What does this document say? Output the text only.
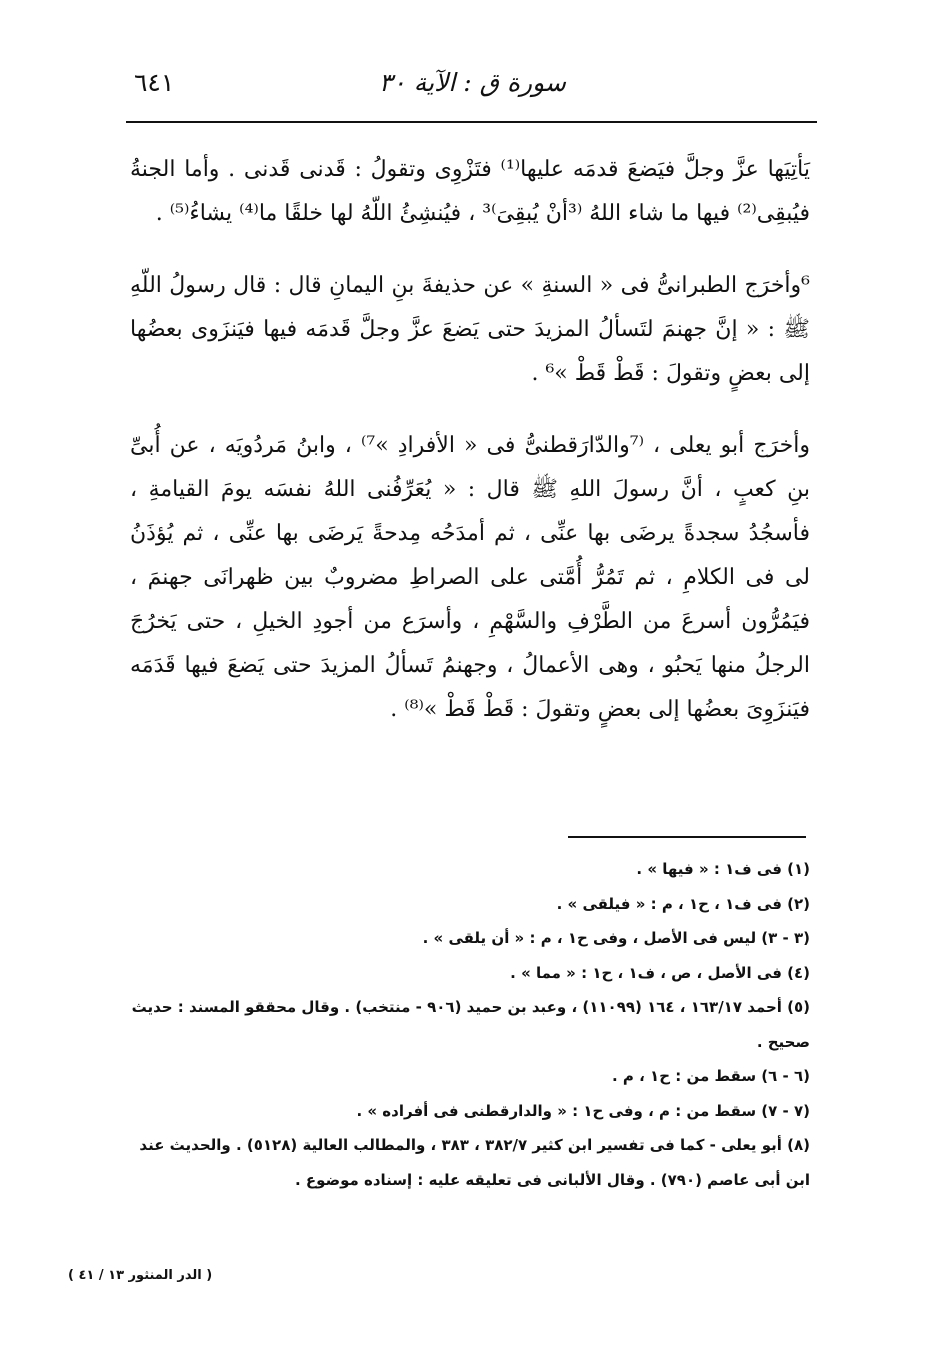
٦٤١	سورة ق : الآية ٣٠

يَأتِيَها عزَّ وجلَّ فيَضعَ قدمَه عليها⁽¹⁾ فتَزْوِى وتقولُ : قَدنى قَدنى . وأما الجنةُ فيُبقِى⁽²⁾ فيها ما شاء اللهُ ⁽³أنْ يُبقِىَ⁾³ ، فيُنشِئُ اللّهُ لها خلقًا ما⁽⁴⁾ يشاءُ⁽⁵⁾ .

⁶وأخرَج الطبرانىُّ فى « السنةِ » عن حذيفةَ بنِ اليمانِ قال : قال رسولُ اللّهِ ﷺ : « إنَّ جهنمَ لتَسألُ المزيدَ حتى يَضعَ عزَّ وجلَّ قَدمَه فيها فيَنزَوى بعضُها إلى بعضٍ وتقولَ : قَطْ قَطْ »⁶ .

وأخرَج أبو يعلى ، ⁽⁷والدّارَقطنىُّ فى « الأفرادِ »⁷⁾ ، وابنُ مَردُويَه ، عن أُبىِّ بنِ كعبٍ ، أنَّ رسولَ اللهِ ﷺ قال : « يُعَرِّفُنى اللهُ نفسَه يومَ القيامةِ ، فأسجُدُ سجدةً يرضَى بها عنِّى ، ثم أمدَحُه مِدحةً يَرضَى بها عنِّى ، ثم يُؤذَنُ لى فى الكلامِ ، ثم تَمُرُّ أُمَّتى على الصراطِ مضروبٌ بين ظهرانَى جهنمَ ، فيَمُرُّون أسرعَ من الطَّرْفِ والسَّهْمِ ، وأسرَع من أجودِ الخيلِ ، حتى يَخرُجَ الرجلُ منها يَحبُو ، وهى الأعمالُ ، وجهنمُ تَسألُ المزيدَ حتى يَضعَ فيها قَدَمَه فيَنزَوِىَ بعضُها إلى بعضٍ وتقولَ : قَطْ قَطْ »⁽⁸⁾ .

(١) فى ف١ : « فيها » .

(٢) فى ف١ ، ح١ ، م : « فيلقى » .

(٣ - ٣) ليس فى الأصل ، وفى ح١ ، م : « أن يلقى » .

(٤) فى الأصل ، ص ، ف١ ، ح١ : « مما » .

(٥) أحمد ١٦٣/١٧ ، ١٦٤ (١١٠٩٩) ، وعبد بن حميد (٩٠٦ - منتخب) . وقال محققو المسند : حديث صحيح .

(٦ - ٦) سقط من : ح١ ، م .

(٧ - ٧) سقط من : م ، وفى ح١ : « والدارقطنى فى أفراده » .

(٨) أبو يعلى - كما فى تفسير ابن كثير ٣٨٢/٧ ، ٣٨٣ ، والمطالب العالية (٥١٢٨) . والحديث عند ابن أبى عاصم (٧٩٠) . وقال الألبانى فى تعليقه عليه : إسناده موضوع .

( الدر المنثور ١٣ / ٤١ )
